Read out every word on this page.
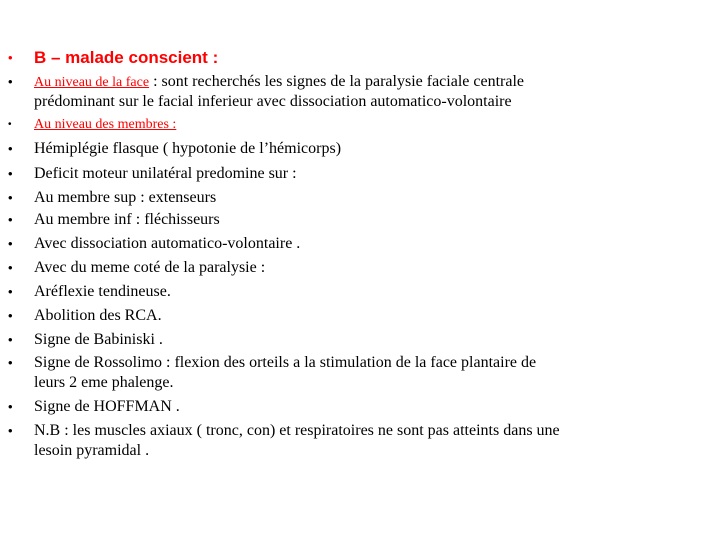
• B – malade conscient :
• Au niveau de la face : sont recherchés les signes de la paralysie faciale centrale
prédominant sur le facial inferieur avec dissociation automatico-volontaire
• Au niveau des membres :
• Hémiplégie flasque ( hypotonie de l’hémicorps)
• Deficit moteur unilatéral predomine sur :
• Au membre sup : extenseurs
• Au membre inf : fléchisseurs
• Avec dissociation automatico-volontaire .
• Avec du meme coté de la paralysie :
• Aréflexie tendineuse.
• Abolition des RCA.
• Signe de Babiniski .
• Signe de Rossolimo : flexion des orteils a la stimulation de la face plantaire de
leurs 2 eme phalenge.
• Signe de HOFFMAN .
• N.B : les muscles axiaux ( tronc, con) et respiratoires ne sont pas atteints dans une
lesoin pyramidal .
